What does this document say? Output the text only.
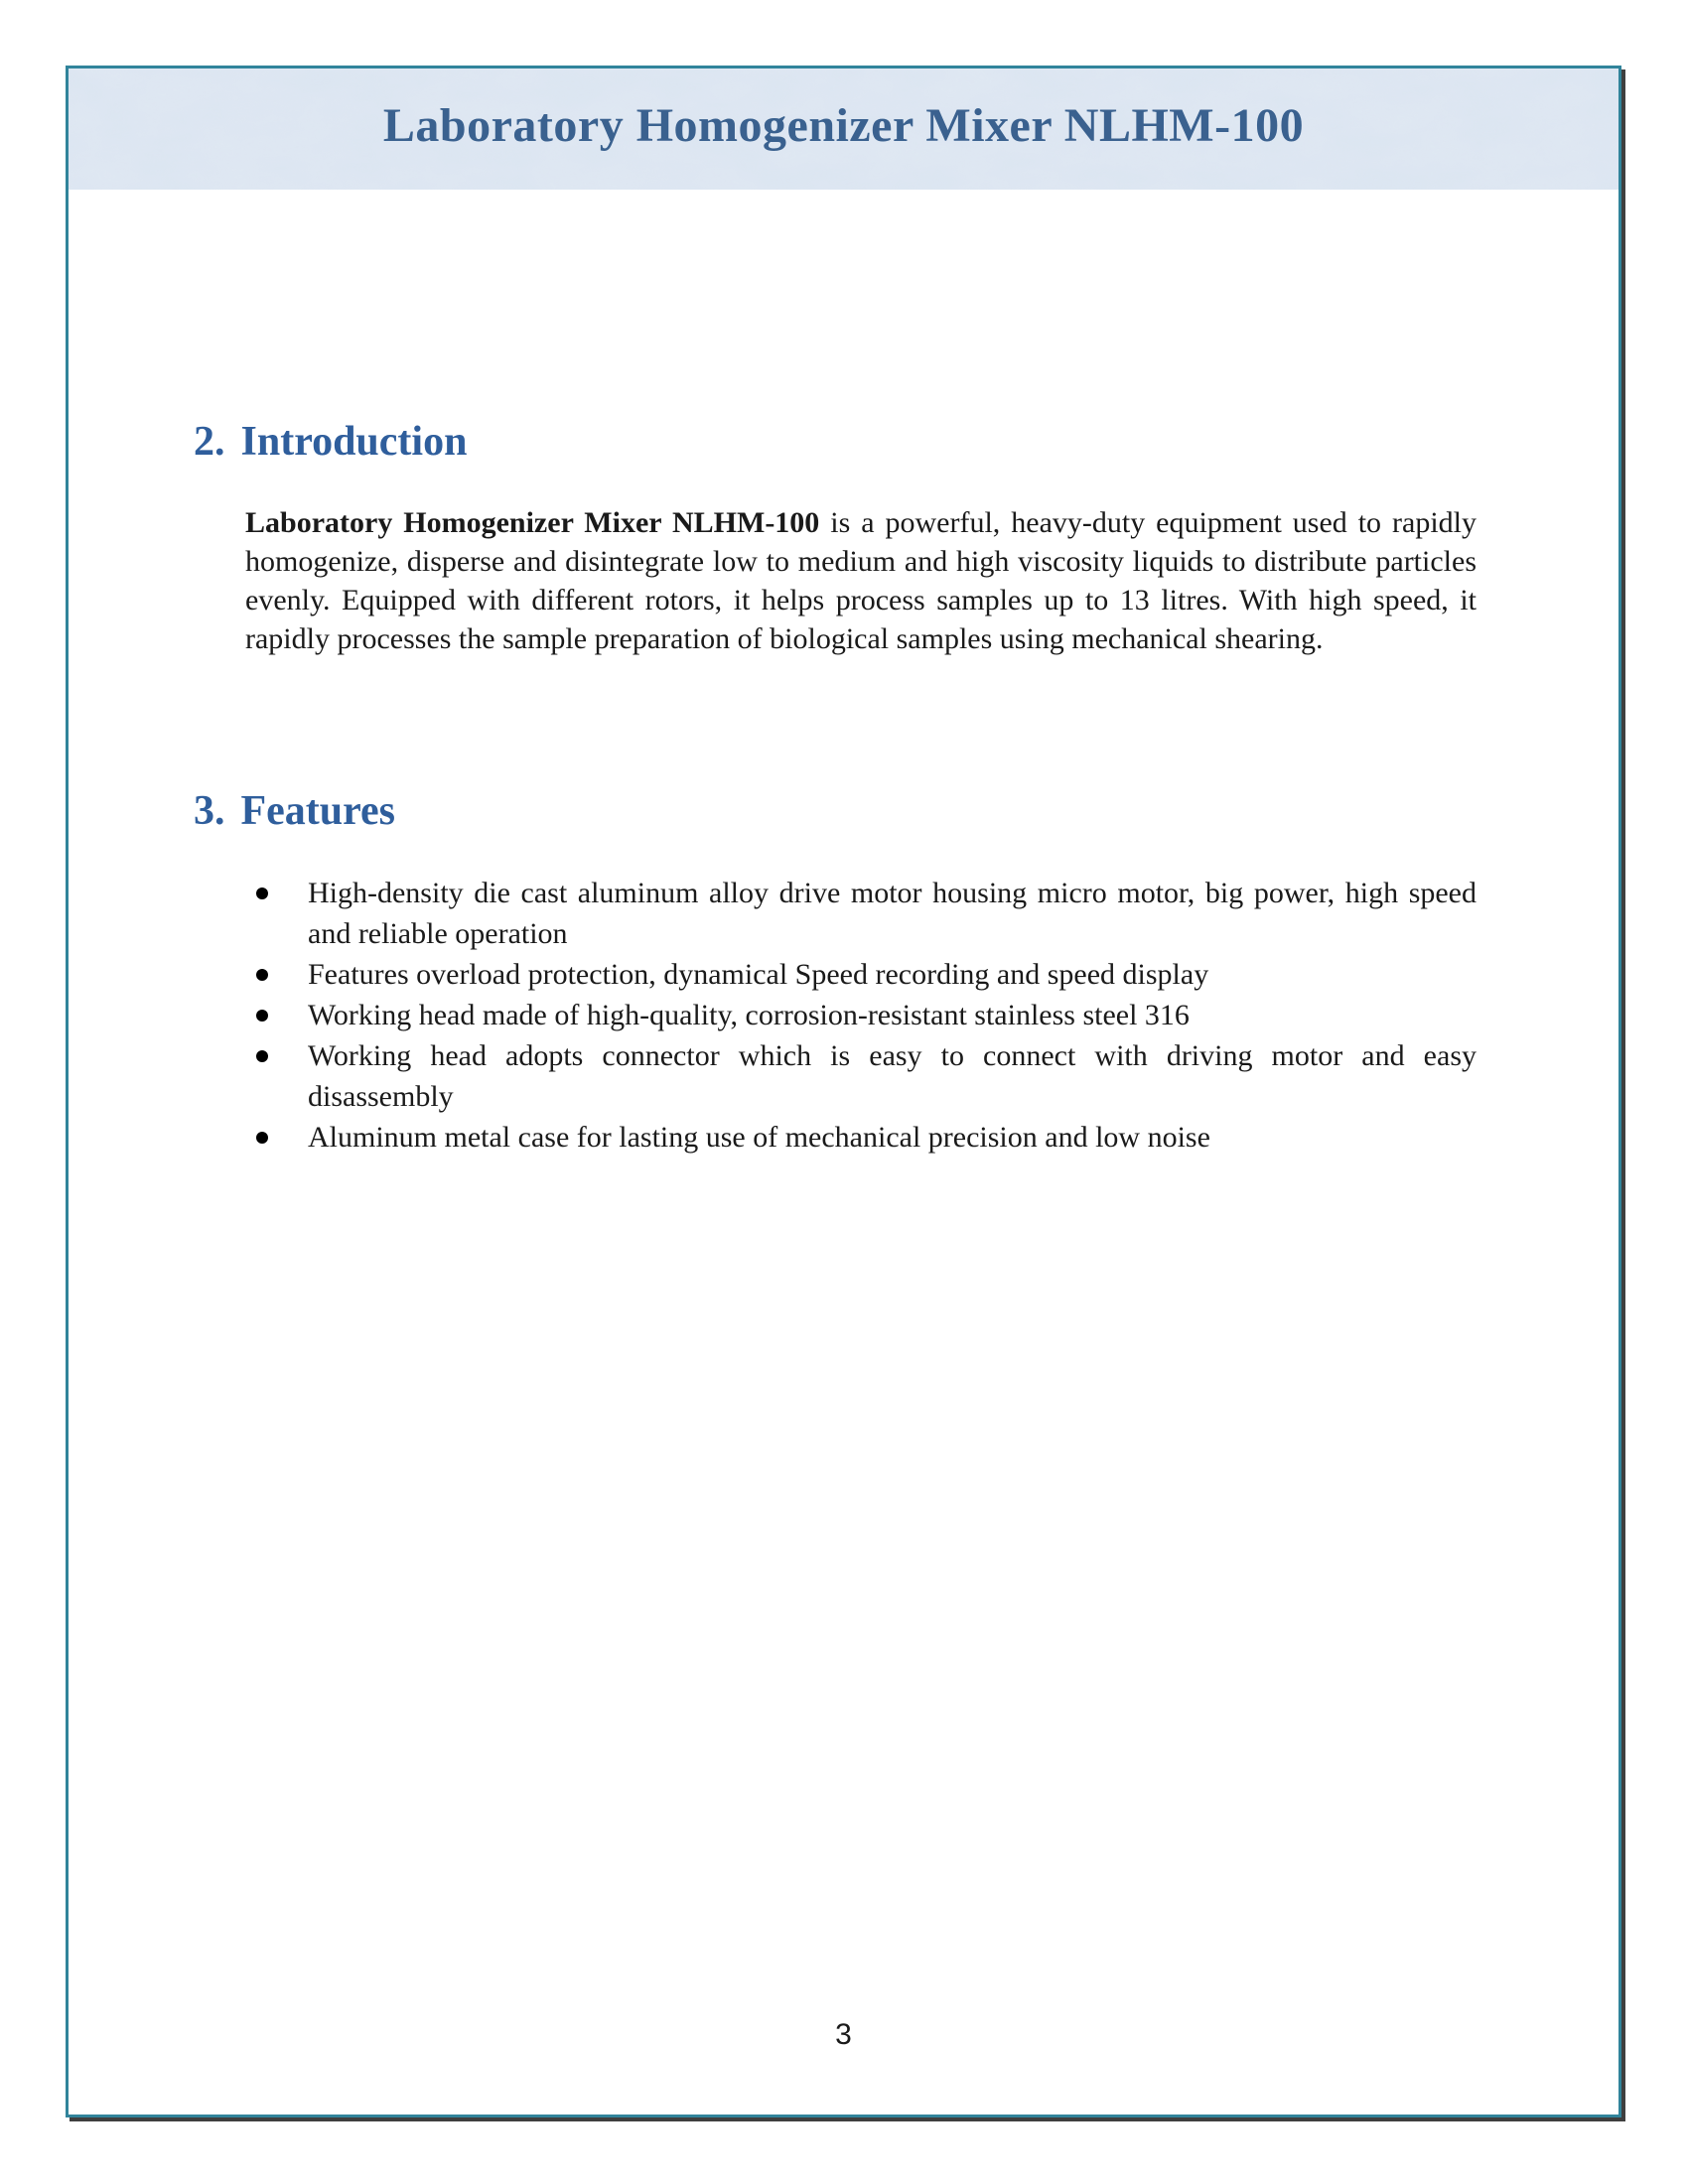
Laboratory Homogenizer Mixer NLHM-100
2. Introduction
Laboratory Homogenizer Mixer NLHM-100 is a powerful, heavy-duty equipment used to rapidly homogenize, disperse and disintegrate low to medium and high viscosity liquids to distribute particles evenly. Equipped with different rotors, it helps process samples up to 13 litres. With high speed, it rapidly processes the sample preparation of biological samples using mechanical shearing.
3. Features
High-density die cast aluminum alloy drive motor housing micro motor, big power, high speed and reliable operation
Features overload protection, dynamical Speed recording and speed display
Working head made of high-quality, corrosion-resistant stainless steel 316
Working head adopts connector which is easy to connect with driving motor and easy disassembly
Aluminum metal case for lasting use of mechanical precision and low noise
3
